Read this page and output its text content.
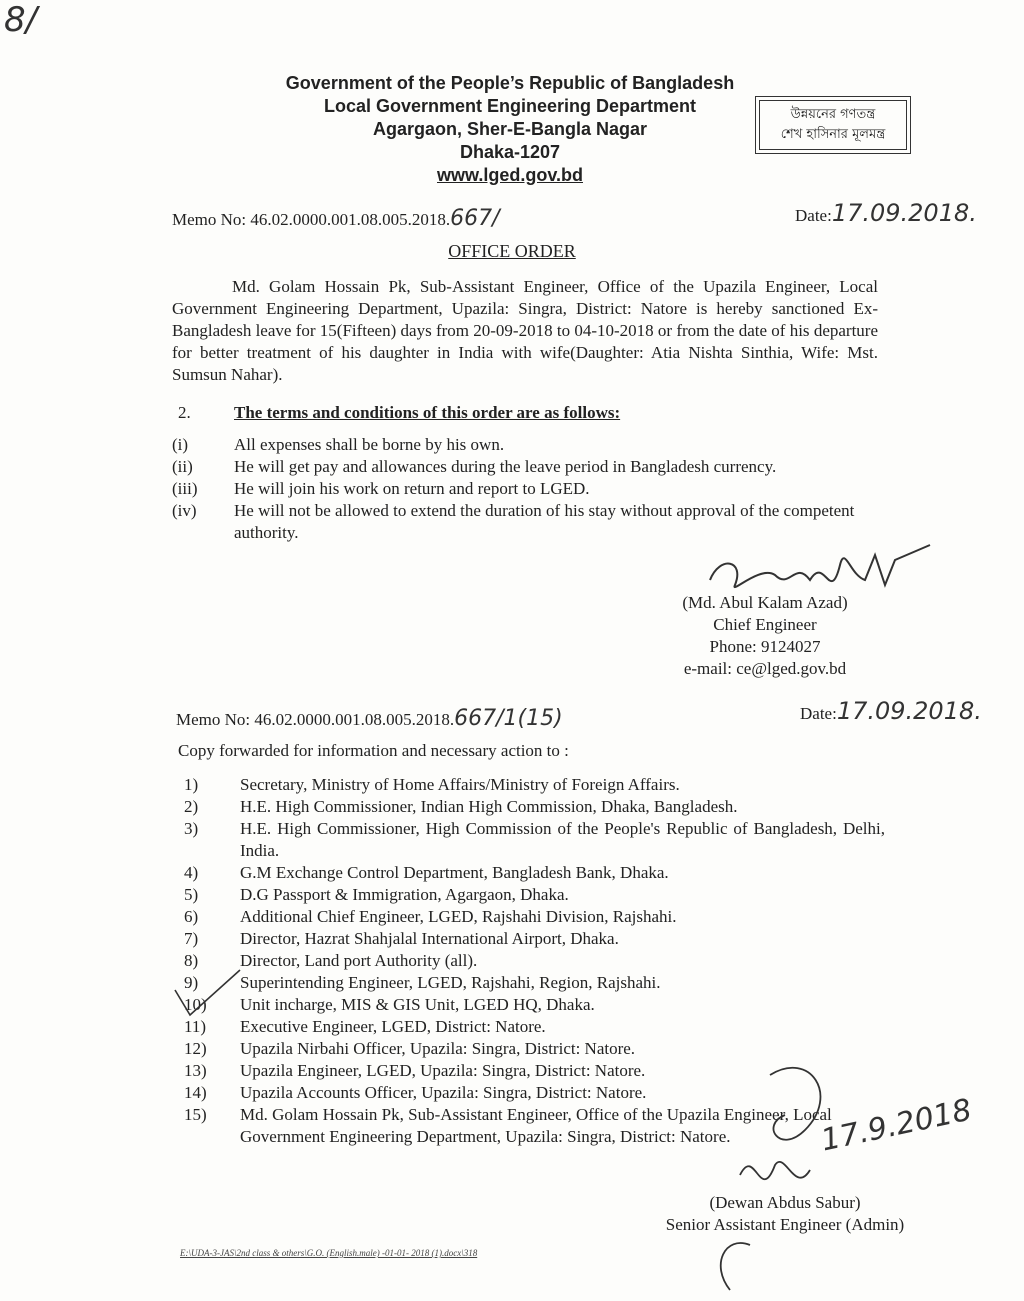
8/
Government of the People’s Republic of Bangladesh
Local Government Engineering Department
Agargaon, Sher-E-Bangla Nagar
Dhaka-1207
www.lged.gov.bd
উন্নয়নের গণতন্ত্র
শেখ হাসিনার মূলমন্ত্র
Memo No: 46.02.0000.001.08.005.2018.667/	Date:17.09.2018.
OFFICE ORDER
Md. Golam Hossain Pk, Sub-Assistant Engineer, Office of the Upazila Engineer, Local Government Engineering Department, Upazila: Singra, District: Natore is hereby sanctioned Ex-Bangladesh leave for 15(Fifteen) days from 20-09-2018 to 04-10-2018 or from the date of his departure for better treatment of his daughter in India with wife(Daughter: Atia Nishta Sinthia, Wife: Mst. Sumsun Nahar).
2.	The terms and conditions of this order are as follows:
(i)	All expenses shall be borne by his own.
(ii)	He will get pay and allowances during the leave period in Bangladesh currency.
(iii)	He will join his work on return and report to LGED.
(iv)	He will not be allowed to extend the duration of his stay without approval of the competent authority.
(Md. Abul Kalam Azad)
Chief Engineer
Phone: 9124027
e-mail: ce@lged.gov.bd
Memo No: 46.02.0000.001.08.005.2018.667/1(15)	Date:17.09.2018.
Copy forwarded for information and necessary action to :
1)	Secretary, Ministry of Home Affairs/Ministry of Foreign Affairs.
2)	H.E. High Commissioner, Indian High Commission, Dhaka, Bangladesh.
3)	H.E. High Commissioner, High Commission of the People's Republic of Bangladesh, Delhi, India.
4)	G.M Exchange Control Department, Bangladesh Bank, Dhaka.
5)	D.G Passport & Immigration, Agargaon, Dhaka.
6)	Additional Chief Engineer, LGED, Rajshahi Division, Rajshahi.
7)	Director, Hazrat Shahjalal International Airport, Dhaka.
8)	Director, Land port Authority (all).
9)	Superintending Engineer, LGED, Rajshahi, Region, Rajshahi.
10)	Unit incharge, MIS & GIS Unit, LGED HQ, Dhaka.
11)	Executive Engineer, LGED, District: Natore.
12)	Upazila Nirbahi Officer, Upazila: Singra, District: Natore.
13)	Upazila Engineer, LGED, Upazila: Singra, District: Natore.
14)	Upazila Accounts Officer, Upazila: Singra, District: Natore.
15)	Md. Golam Hossain Pk, Sub-Assistant Engineer, Office of the Upazila Engineer, Local Government Engineering Department, Upazila: Singra, District: Natore.	17.9.2018
(Dewan Abdus Sabur)
Senior Assistant Engineer (Admin)
E:\UDA-3-JAS\2nd class & others\G.O. (English.male) -01-01- 2018 (1).docx\318
